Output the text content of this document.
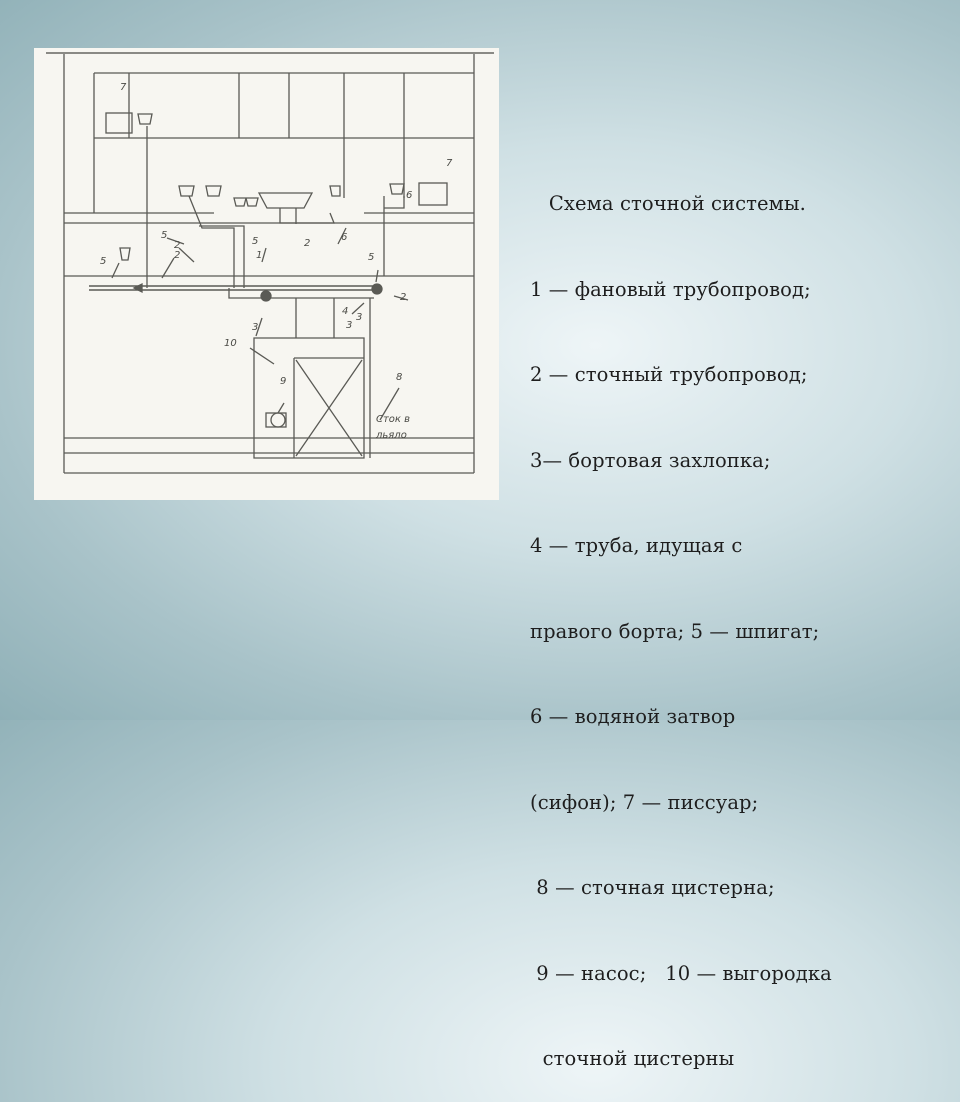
7
7
5
2	5
1
2
6
6
5
2	5
2
4
3	3
3
10
9	8
Сток в
льяло

Схема сточной системы.

1 — фановый трубопровод;

2 — сточный трубопровод;

3— бортовая захлопка;

4 — труба, идущая с

правого борта; 5 — шпигат;

6 — водяной затвор

(сифон); 7 — писсуар;

8 — сточная цистерна;

9 — насос;   10 — выгородка

сточной цистерны
